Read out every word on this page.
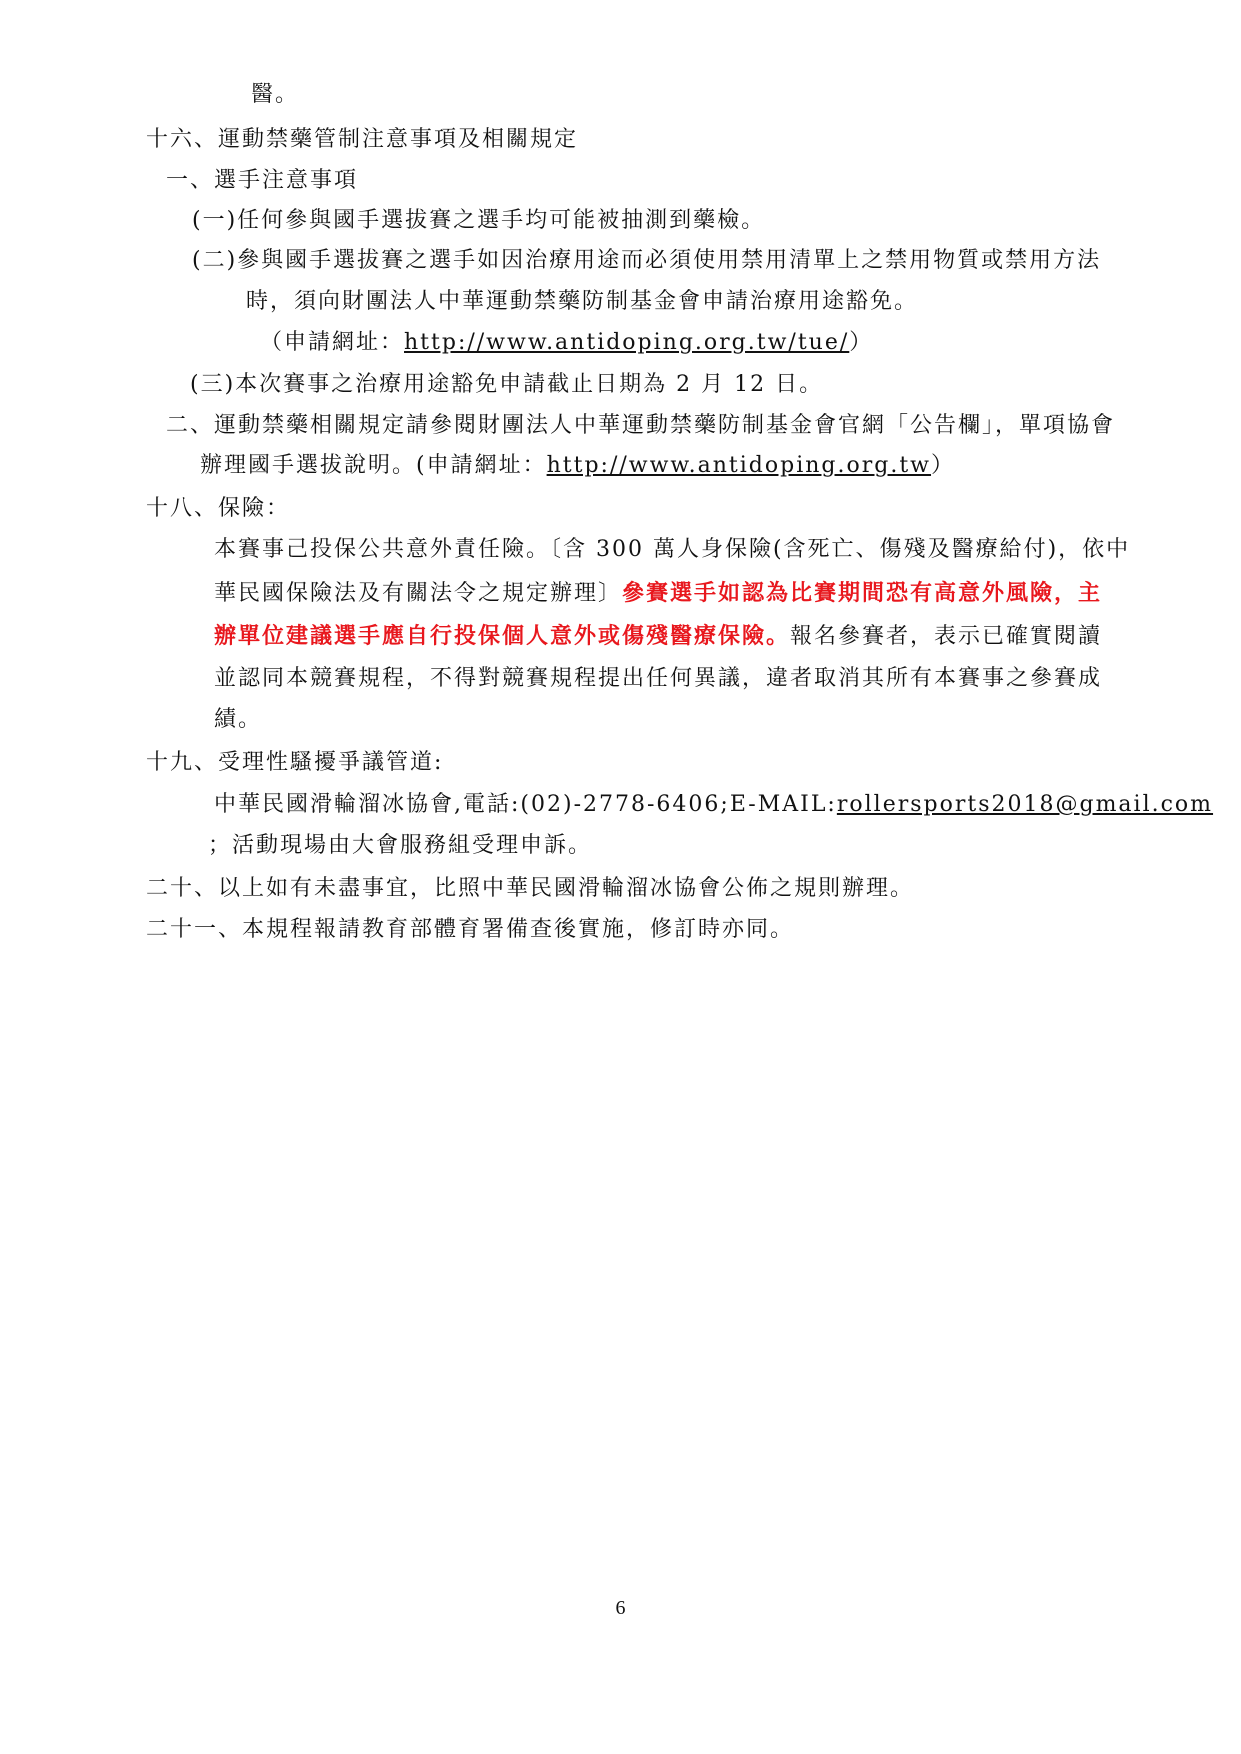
醫。
十六、運動禁藥管制注意事項及相關規定
一、選手注意事項
(一)任何參與國手選拔賽之選手均可能被抽測到藥檢。
(二)參與國手選拔賽之選手如因治療用途而必須使用禁用清單上之禁用物質或禁用方法
時，須向財團法人中華運動禁藥防制基金會申請治療用途豁免。
（申請網址：http://www.antidoping.org.tw/tue/）
(三)本次賽事之治療用途豁免申請截止日期為 2 月 12 日。
二、運動禁藥相關規定請參閱財團法人中華運動禁藥防制基金會官網「公告欄」，單項協會
辦理國手選拔說明。(申請網址：http://www.antidoping.org.tw）
十八、保險：
本賽事己投保公共意外責任險。〔含 300 萬人身保險(含死亡、傷殘及醫療給付)，依中
華民國保險法及有關法令之規定辦理〕參賽選手如認為比賽期間恐有高意外風險，主
辦單位建議選手應自行投保個人意外或傷殘醫療保險。報名參賽者，表示已確實閱讀
並認同本競賽規程，不得對競賽規程提出任何異議，違者取消其所有本賽事之參賽成
績。
十九、受理性騷擾爭議管道:
中華民國滑輪溜冰協會,電話:(02)-2778-6406;E-MAIL:rollersports2018@gmail.com
；活動現場由大會服務組受理申訴。
二十、以上如有未盡事宜，比照中華民國滑輪溜冰協會公佈之規則辦理。
二十一、本規程報請教育部體育署備查後實施，修訂時亦同。
6
